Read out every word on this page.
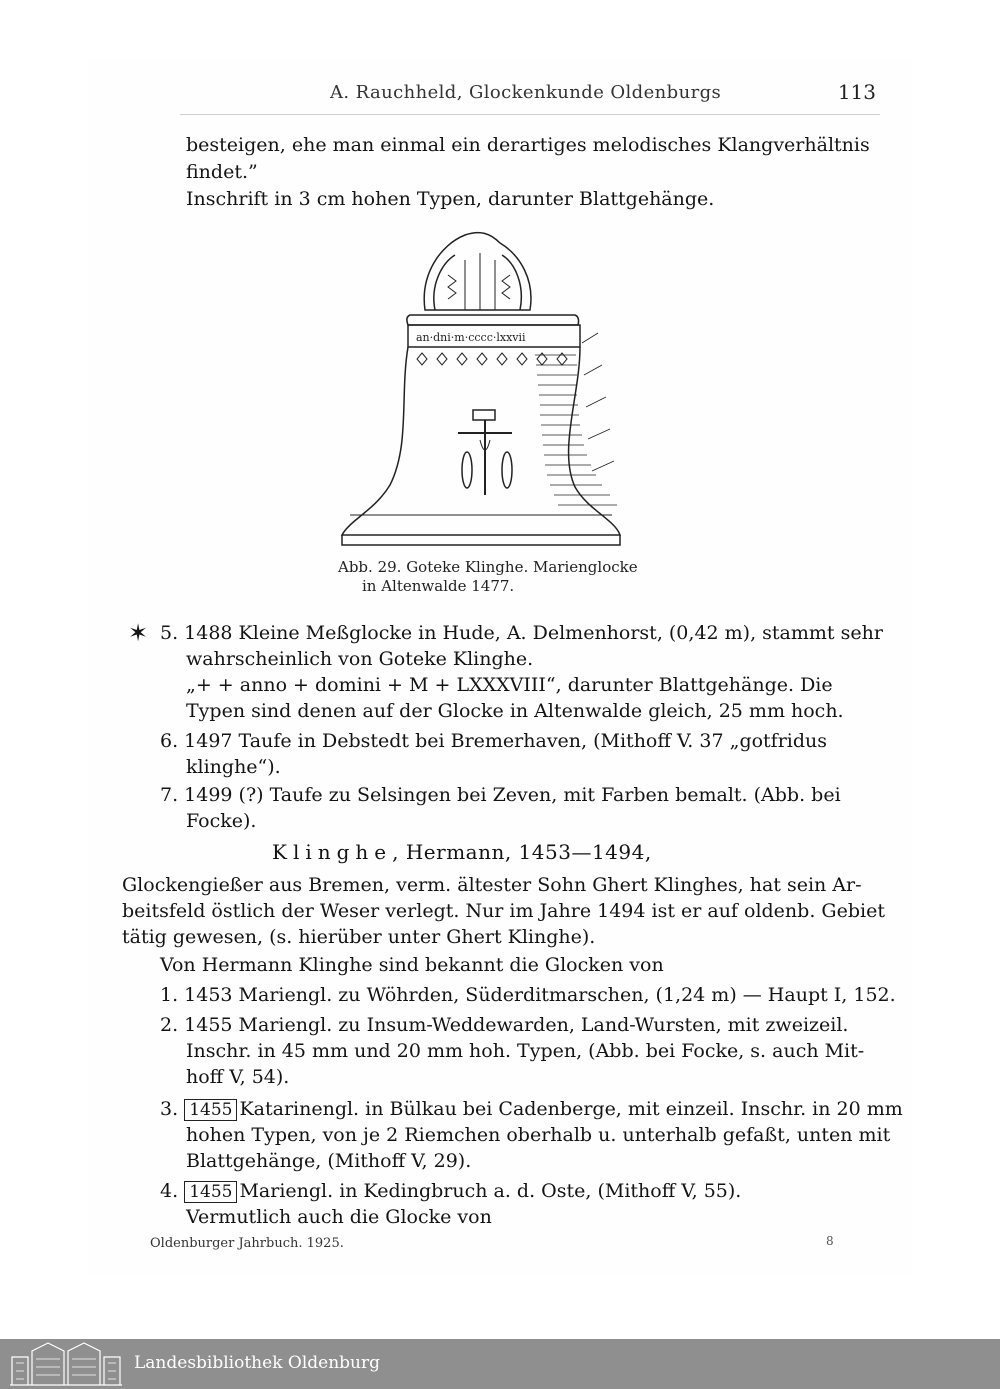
A. Rauchheld, Glockenkunde Oldenburgs	113
besteigen, ehe man einmal ein derartiges melodisches Klangverhältnis
findet.”
Inschrift in 3 cm hohen Typen, darunter Blattgehänge.
an·dni·m·cccc·lxxvii
Abb. 29. Goteke Klinghe. Marienglocke
in Altenwalde 1477.
✶ 5. 1488 Kleine Meßglocke in Hude, A. Delmenhorst, (0,42 m), stammt sehr
wahrscheinlich von Goteke Klinghe.
„+ + anno + domini + M + LXXXVIII“, darunter Blattgehänge. Die
Typen sind denen auf der Glocke in Altenwalde gleich, 25 mm hoch.
6. 1497 Taufe in Debstedt bei Bremerhaven, (Mithoff V. 37 „gotfridus
klinghe“).
7. 1499 (?) Taufe zu Selsingen bei Zeven, mit Farben bemalt. (Abb. bei
Focke).
Klinghe, Hermann, 1453—1494,
Glockengießer aus Bremen, verm. ältester Sohn Ghert Klinghes, hat sein Ar-
beitsfeld östlich der Weser verlegt. Nur im Jahre 1494 ist er auf oldenb. Gebiet
tätig gewesen, (s. hierüber unter Ghert Klinghe).
Von Hermann Klinghe sind bekannt die Glocken von
1. 1453 Mariengl. zu Wöhrden, Süderditmarschen, (1,24 m) — Haupt I, 152.
2. 1455 Mariengl. zu Insum-Weddewarden, Land-Wursten, mit zweizeil.
Inschr. in 45 mm und 20 mm hoh. Typen, (Abb. bei Focke, s. auch Mit-
hoff V, 54).
3. 1455 Katarinengl. in Bülkau bei Cadenberge, mit einzeil. Inschr. in 20 mm
hohen Typen, von je 2 Riemchen oberhalb u. unterhalb gefaßt, unten mit
Blattgehänge, (Mithoff V, 29).
4. 1455 Mariengl. in Kedingbruch a. d. Oste, (Mithoff V, 55).
Vermutlich auch die Glocke von
Oldenburger Jahrbuch. 1925.	8
Landesbibliothek Oldenburg
